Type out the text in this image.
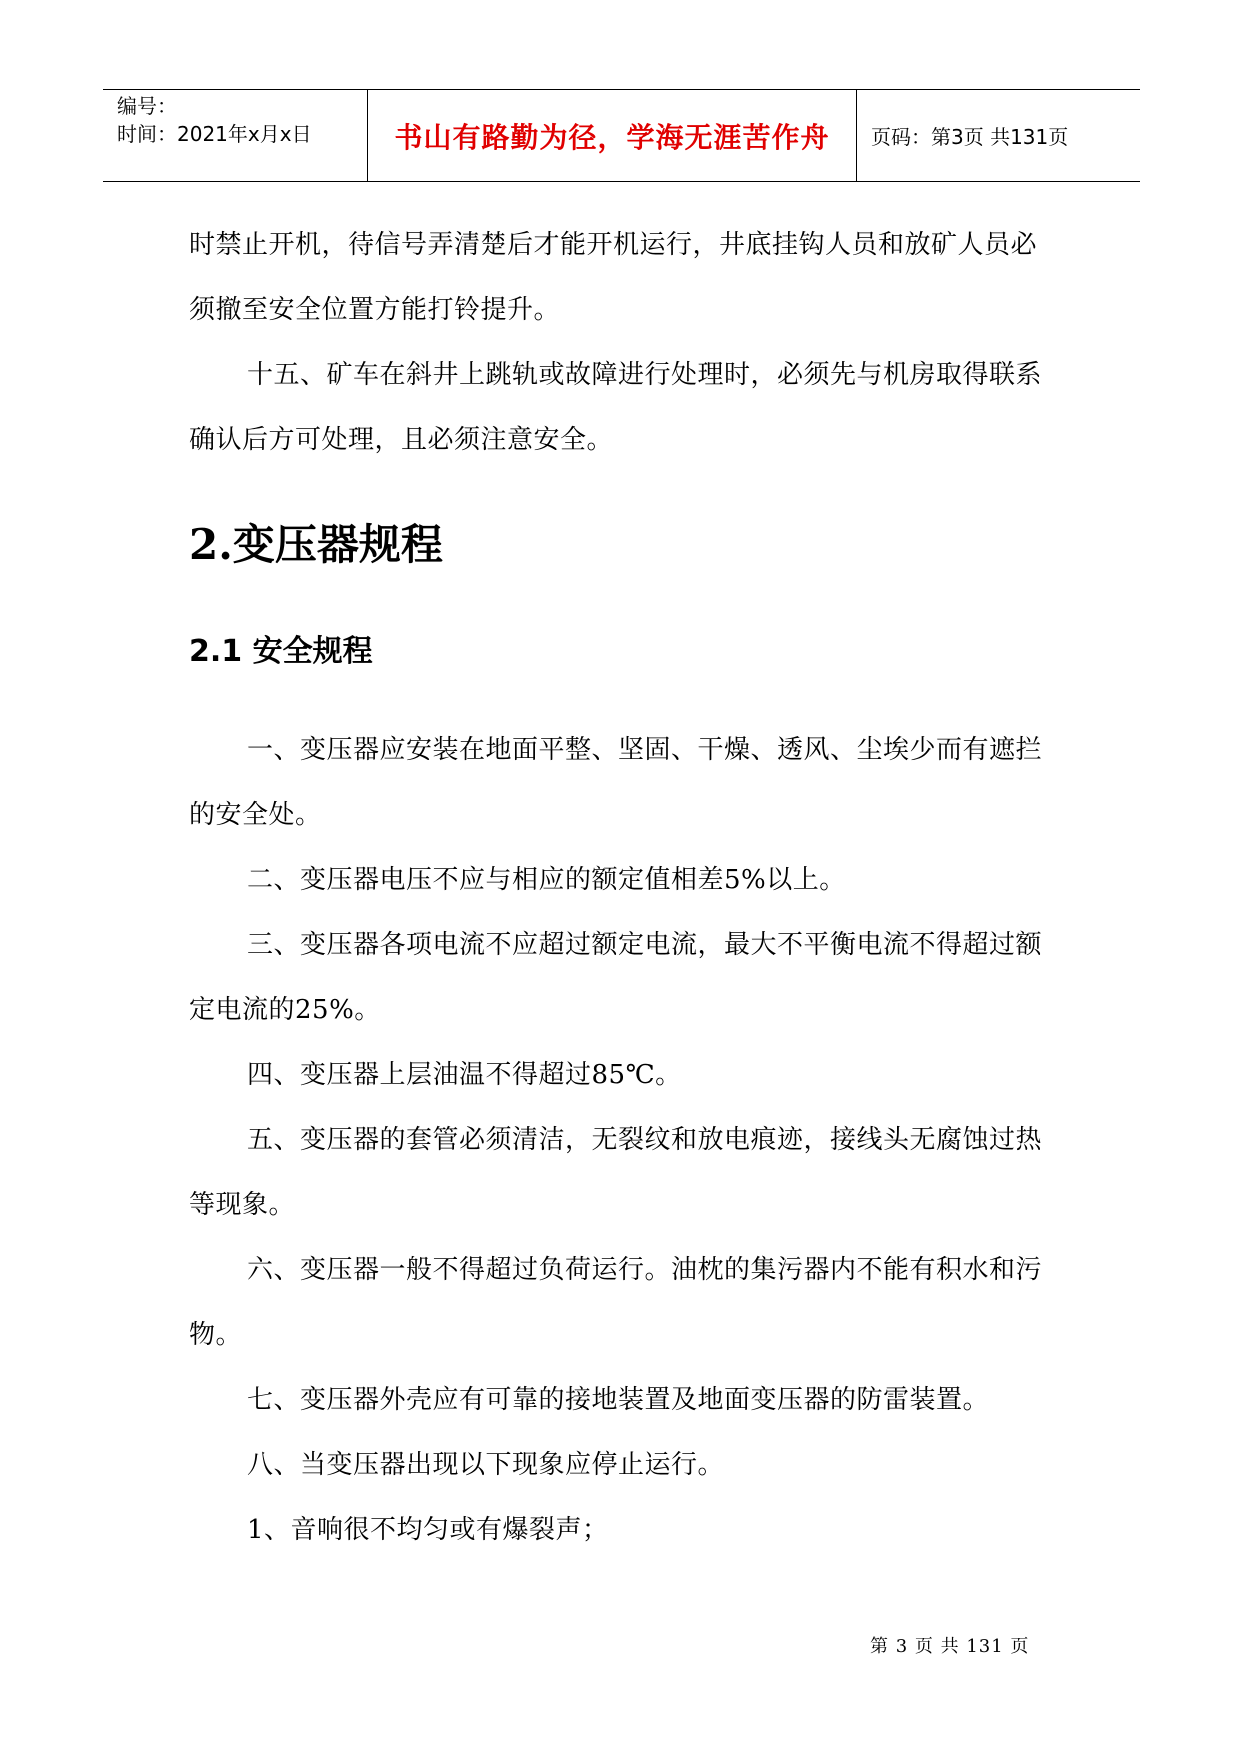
编号：
时间：2021年x月x日	书山有路勤为径，学海无涯苦作舟 页码：第3页 共131页

时禁止开机，待信号弄清楚后才能开机运行，井底挂钩人员和放矿人员必须撤至安全位置方能打铃提升。

十五、矿车在斜井上跳轨或故障进行处理时，必须先与机房取得联系确认后方可处理，且必须注意安全。

2.变压器规程
2.1 安全规程

一、变压器应安装在地面平整、坚固、干燥、透风、尘埃少而有遮拦的安全处。

二、变压器电压不应与相应的额定值相差5%以上。

三、变压器各项电流不应超过额定电流，最大不平衡电流不得超过额定电流的25%。

四、变压器上层油温不得超过85℃。

五、变压器的套管必须清洁，无裂纹和放电痕迹，接线头无腐蚀过热等现象。

六、变压器一般不得超过负荷运行。油枕的集污器内不能有积水和污物。

七、变压器外壳应有可靠的接地装置及地面变压器的防雷装置。

八、当变压器出现以下现象应停止运行。

1、音响很不均匀或有爆裂声；

第 3 页 共 131 页
